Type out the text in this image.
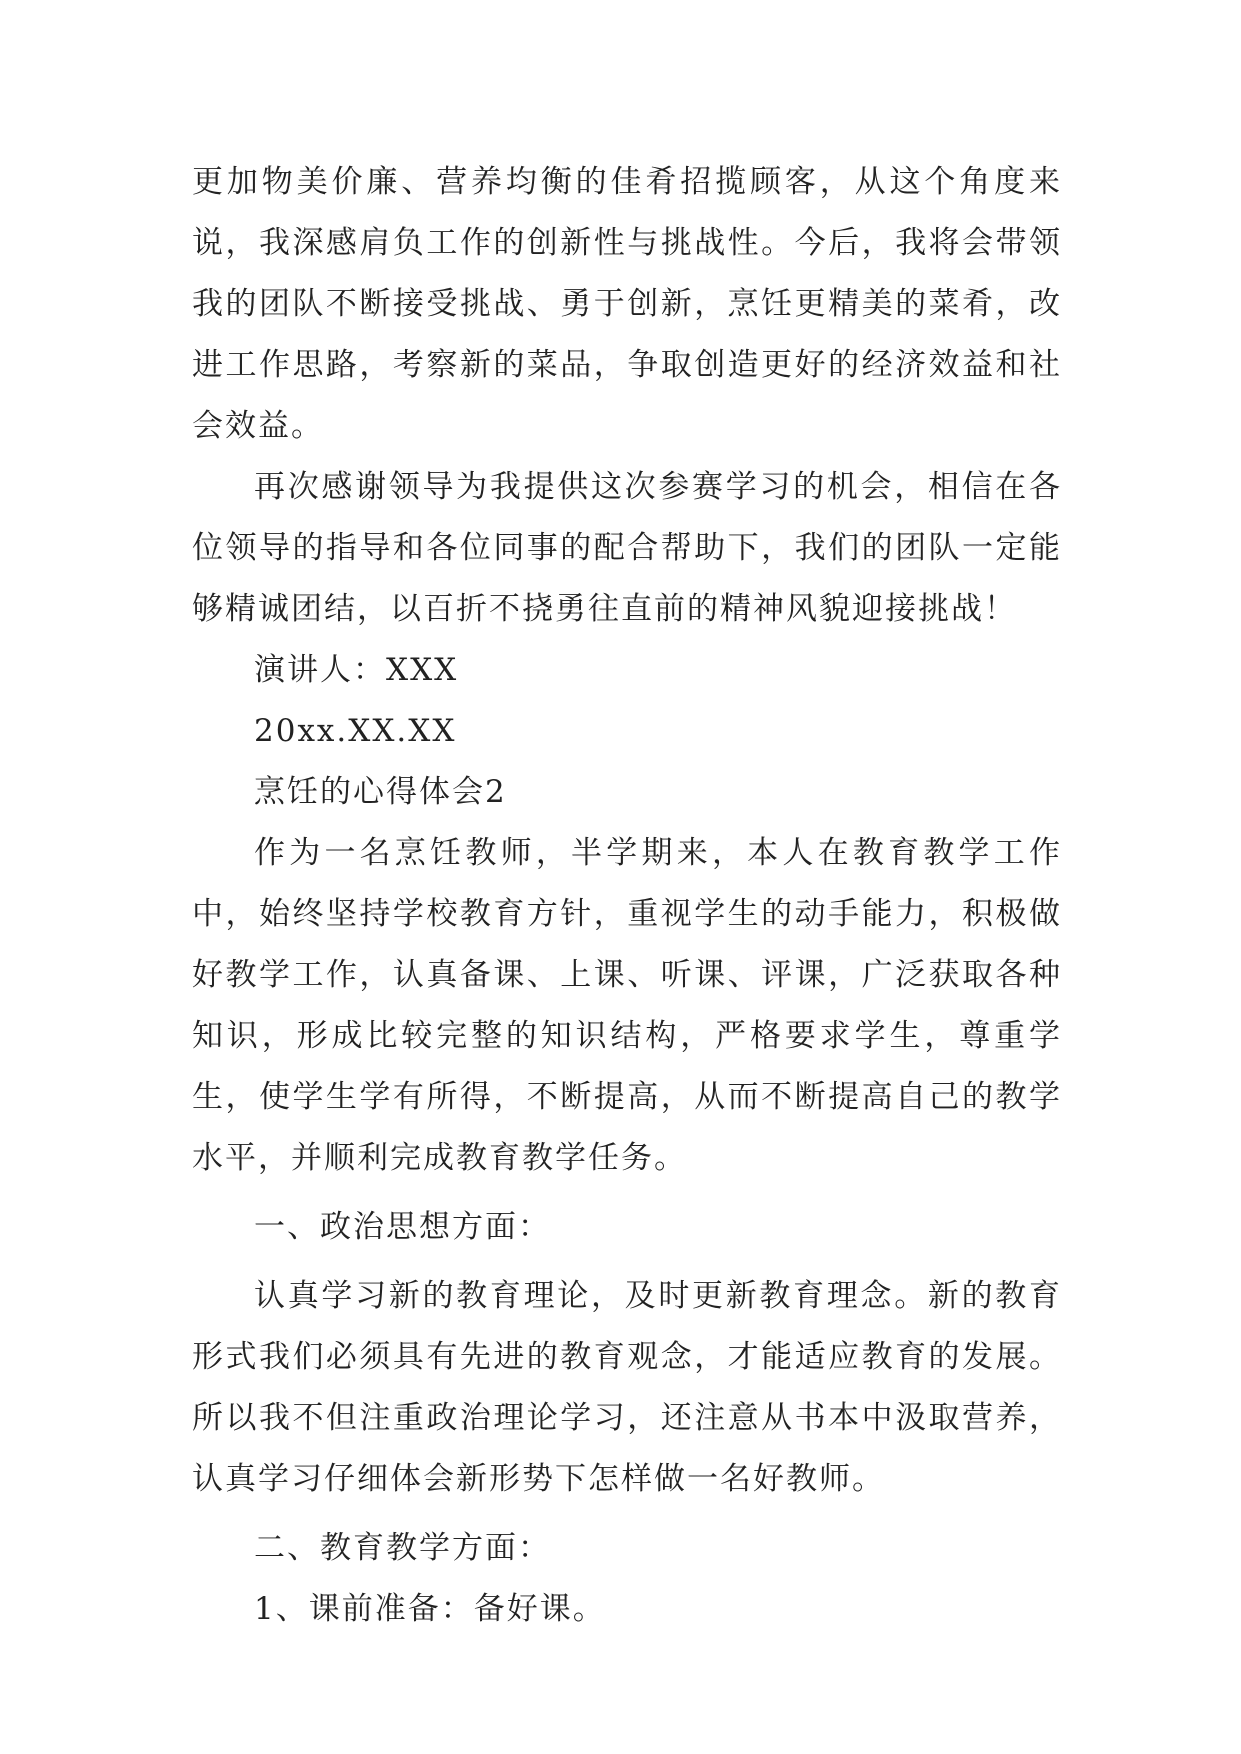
更加物美价廉、营养均衡的佳肴招揽顾客，从这个角度来说，我深感肩负工作的创新性与挑战性。今后，我将会带领我的团队不断接受挑战、勇于创新，烹饪更精美的菜肴，改进工作思路，考察新的菜品，争取创造更好的经济效益和社会效益。

再次感谢领导为我提供这次参赛学习的机会，相信在各位领导的指导和各位同事的配合帮助下，我们的团队一定能够精诚团结，以百折不挠勇往直前的精神风貌迎接挑战！

演讲人：XXX

20xx.XX.XX

烹饪的心得体会2

作为一名烹饪教师，半学期来，本人在教育教学工作中，始终坚持学校教育方针，重视学生的动手能力，积极做好教学工作，认真备课、上课、听课、评课，广泛获取各种知识，形成比较完整的知识结构，严格要求学生，尊重学生，使学生学有所得，不断提高，从而不断提高自己的教学水平，并顺利完成教育教学任务。

一、政治思想方面：

认真学习新的教育理论，及时更新教育理念。新的教育形式我们必须具有先进的教育观念，才能适应教育的发展。所以我不但注重政治理论学习，还注意从书本中汲取营养，认真学习仔细体会新形势下怎样做一名好教师。

二、教育教学方面：

1、课前准备：备好课。
